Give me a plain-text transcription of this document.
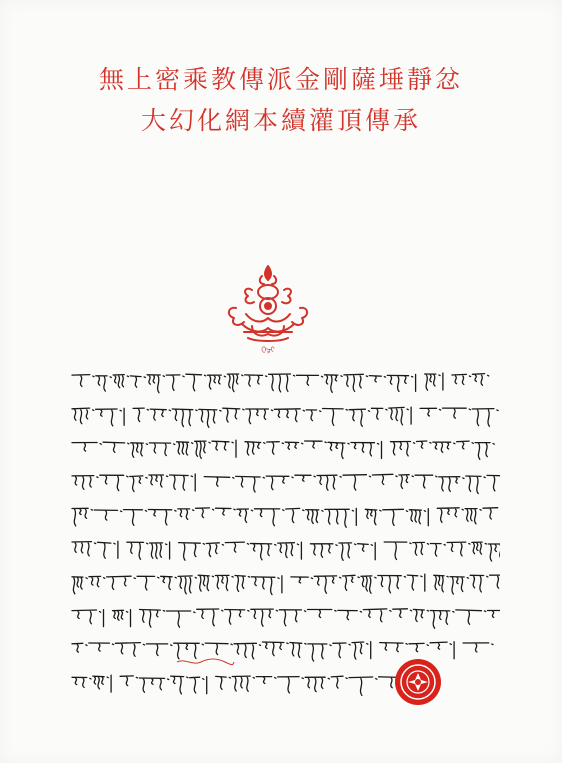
無上密乘教傳派金剛薩埵靜忿
大幻化網本續灌頂傳承
ᢕᢖᢗ
